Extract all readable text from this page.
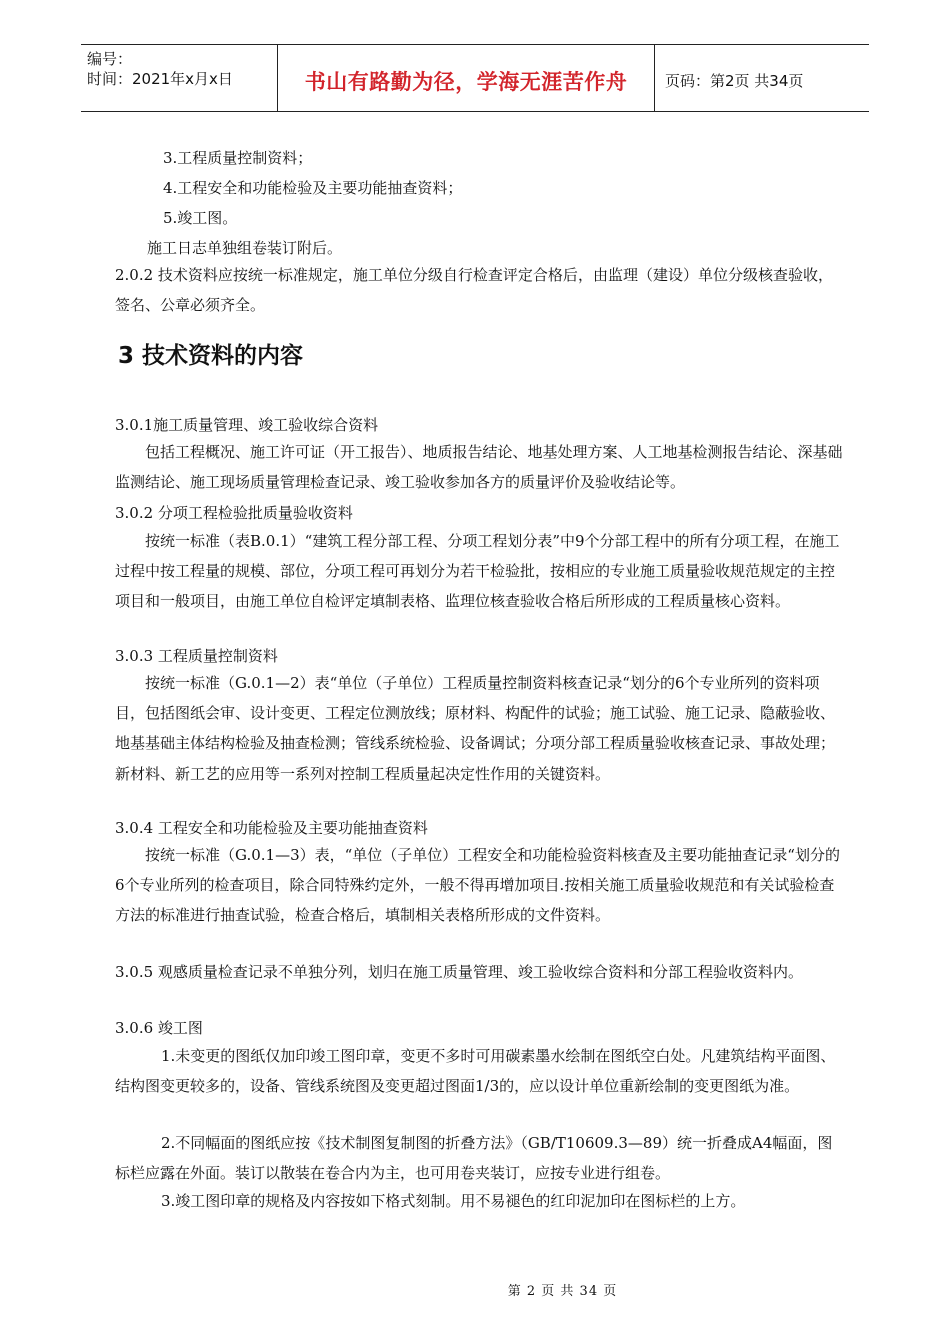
编号：
时间：2021年x月x日	书山有路勤为径，学海无涯苦作舟	页码：第2页 共34页

3.工程质量控制资料；

4.工程安全和功能检验及主要功能抽查资料；

5.竣工图。

施工日志单独组卷装订附后。

2.0.2 技术资料应按统一标准规定，施工单位分级自行检查评定合格后，由监理（建设）单位分级核查验收，签名、公章必须齐全。

3 技术资料的内容

3.0.1施工质量管理、竣工验收综合资料

包括工程概况、施工许可证（开工报告）、地质报告结论、地基处理方案、人工地基检测报告结论、深基础监测结论、施工现场质量管理检查记录、竣工验收参加各方的质量评价及验收结论等。

3.0.2 分项工程检验批质量验收资料

按统一标准（表B.0.1）“建筑工程分部工程、分项工程划分表”中9个分部工程中的所有分项工程，在施工过程中按工程量的规模、部位，分项工程可再划分为若干检验批，按相应的专业施工质量验收规范规定的主控项目和一般项目，由施工单位自检评定填制表格、监理位核查验收合格后所形成的工程质量核心资料。

3.0.3 工程质量控制资料

按统一标准（G.0.1—2）表“单位（子单位）工程质量控制资料核查记录“划分的6个专业所列的资料项目，包括图纸会审、设计变更、工程定位测放线；原材料、构配件的试验；施工试验、施工记录、隐蔽验收、地基基础主体结构检验及抽查检测；管线系统检验、设备调试；分项分部工程质量验收核查记录、事故处理；新材料、新工艺的应用等一系列对控制工程质量起决定性作用的关键资料。

3.0.4 工程安全和功能检验及主要功能抽查资料

按统一标准（G.0.1—3）表，“单位（子单位）工程安全和功能检验资料核查及主要功能抽查记录“划分的6个专业所列的检查项目，除合同特殊约定外，一般不得再增加项目.按相关施工质量验收规范和有关试验检查方法的标准进行抽查试验，检查合格后，填制相关表格所形成的文件资料。

3.0.5 观感质量检查记录不单独分列，划归在施工质量管理、竣工验收综合资料和分部工程验收资料内。

3.0.6 竣工图

1.未变更的图纸仅加印竣工图印章，变更不多时可用碳素墨水绘制在图纸空白处。凡建筑结构平面图、结构图变更较多的，设备、管线系统图及变更超过图面1/3的，应以设计单位重新绘制的变更图纸为准。

2.不同幅面的图纸应按《技术制图复制图的折叠方法》（GB/T10609.3—89）统一折叠成A4幅面，图标栏应露在外面。装订以散装在卷合内为主，也可用卷夹装订，应按专业进行组卷。

3.竣工图印章的规格及内容按如下格式刻制。用不易褪色的红印泥加印在图标栏的上方。

第 2 页 共 34 页
